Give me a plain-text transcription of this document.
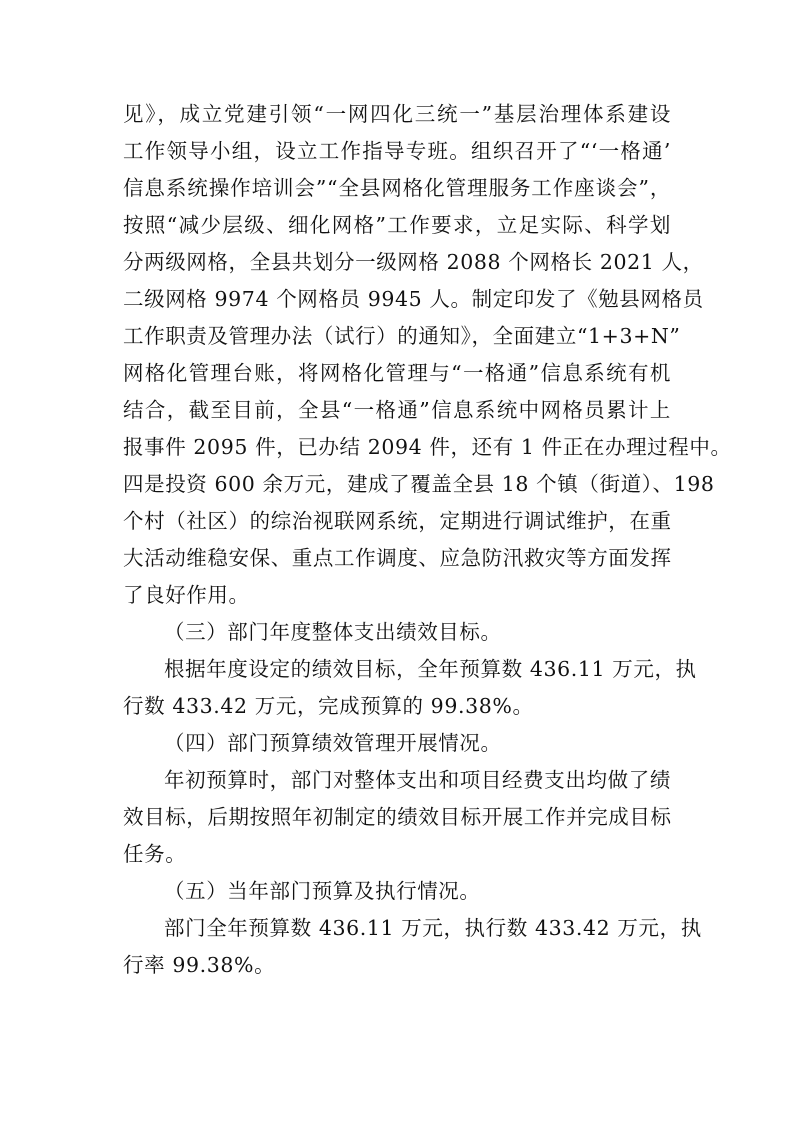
见》，成立党建引领“一网四化三统一”基层治理体系建设
工作领导小组，设立工作指导专班。组织召开了“‘一格通’
信息系统操作培训会”“全县网格化管理服务工作座谈会”，
按照“减少层级、细化网格”工作要求，立足实际、科学划
分两级网格，全县共划分一级网格 2088 个网格长 2021 人，
二级网格 9974 个网格员 9945 人。制定印发了《勉县网格员
工作职责及管理办法（试行）的通知》，全面建立“1+3+N”
网格化管理台账，将网格化管理与“一格通”信息系统有机
结合，截至目前，全县“一格通”信息系统中网格员累计上
报事件 2095 件，已办结 2094 件，还有 1 件正在办理过程中。
四是投资 600 余万元，建成了覆盖全县 18 个镇（街道）、198
个村（社区）的综治视联网系统，定期进行调试维护，在重
大活动维稳安保、重点工作调度、应急防汛救灾等方面发挥
了良好作用。
（三）部门年度整体支出绩效目标。
根据年度设定的绩效目标，全年预算数 436.11 万元，执
行数 433.42 万元，完成预算的 99.38%。
（四）部门预算绩效管理开展情况。
年初预算时，部门对整体支出和项目经费支出均做了绩
效目标，后期按照年初制定的绩效目标开展工作并完成目标
任务。
（五）当年部门预算及执行情况。
部门全年预算数 436.11 万元，执行数 433.42 万元，执
行率 99.38%。
